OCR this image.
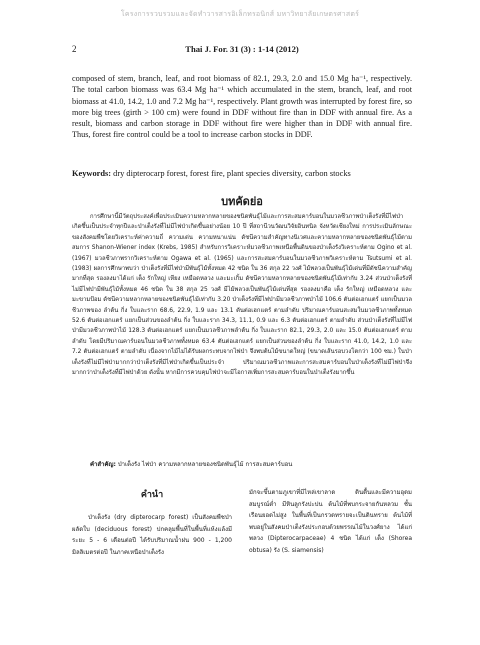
โครงการรวบรวมและจัดทำวารสารอิเล็กทรอนิกส์ มหาวิทยาลัยเกษตรศาสตร์
2	Thai J. For. 31 (3) : 1-14 (2012)

composed of stem, branch, leaf, and root biomass of 82.1, 29.3, 2.0 and 15.0 Mg ha⁻¹, respectively. The total carbon biomass was 63.4 Mg ha⁻¹ which accumulated in the stem, branch, leaf, and root biomass at 41.0, 14.2, 1.0 and 7.2 Mg ha⁻¹, respectively. Plant growth was interrupted by forest fire, so more big trees (girth > 100 cm) were found in DDF without fire than in DDF with annual fire. As a result, biomass and carbon storage in DDF without fire were higher than in DDF with annual fire. Thus, forest fire control could be a tool to increase carbon stocks in DDF.

Keywords: dry dipterocarp forest, forest fire, plant species diversity, carbon stocks

บทคัดย่อ

การศึกษานี้มีวัตถุประสงค์เพื่อประเมินความหลากหลายของชนิดพันธุ์ไม้และการสะสมคาร์บอนในมวลชีวภาพป่าเต็งรังที่มีไฟป่าเกิดขึ้นเป็นประจำทุกปีและป่าเต็งรังที่ไม่มีไฟป่าเกิดขึ้นอย่างน้อย 10 ปี ที่สถานีวนวัฒนวิจัยอินทนิล จังหวัดเชียงใหม่ การประเมินลักษณะของสังคมพืชโดยวิเคราะห์ค่าความถี่ ความเด่น ความหนาแน่น ดัชนีความสำคัญทางนิเวศและความหลากหลายของชนิดพันธุ์ไม้ตามสมการ Shanon-Wiener index (Krebs, 1985) สำหรับการวิเคราะห์มวลชีวภาพเหนือพื้นดินของป่าเต็งรังวิเคราะห์ตาม Ogino et al. (1967) มวลชีวภาพรากวิเคราะห์ตาม Ogawa et al. (1965) และการสะสมคาร์บอนในมวลชีวภาพวิเคราะห์ตาม Tsutsumi et al. (1983) ผลการศึกษาพบว่า ป่าเต็งรังที่มีไฟป่ามีพันธุ์ไม้ทั้งหมด 42 ชนิด ใน 36 สกุล 22 วงศ์ ไม้พลวงเป็นพันธุ์ไม้เด่นที่มีดัชนีความสำคัญมากที่สุด รองลงมาได้แก่ เต็ง รักใหญ่ เหียง เหมือดหลวง และมะเกิ้ม ดัชนีความหลากหลายของชนิดพันธุ์ไม้เท่ากับ 3.24 ส่วนป่าเต็งรังที่ไม่มีไฟป่ามีพันธุ์ไม้ทั้งหมด 46 ชนิด ใน 38 สกุล 25 วงศ์ มีไม้พลวงเป็นพันธุ์ไม้เด่นที่สุด รองลงมาคือ เต็ง รักใหญ่ เหมือดหลวง และมะขามป้อม ดัชนีความหลากหลายของชนิดพันธุ์ไม้เท่ากับ 3.20 ป่าเต็งรังที่มีไฟป่ามีมวลชีวภาพป่าไม้ 106.6 ตันต่อเฮกแตร์ แยกเป็นมวลชีวภาพของ ลำต้น กิ่ง ใบและราก 68.6, 22.9, 1.9 และ 13.1 ตันต่อเฮกแตร์ ตามลำดับ ปริมาณคาร์บอนสะสมในมวลชีวภาพทั้งหมด 52.6 ตันต่อเฮกแตร์ แยกเป็นส่วนของลำต้น กิ่ง ใบและราก 34.3, 11.1, 0.9 และ 6.3 ตันต่อเฮกแตร์ ตามลำดับ ส่วนป่าเต็งรังที่ไม่มีไฟป่ามีมวลชีวภาพป่าไม้ 128.3 ตันต่อเฮกแตร์ แยกเป็นมวลชีวภาพลำต้น กิ่ง ใบและราก 82.1, 29.3, 2.0 และ 15.0 ตันต่อเฮกแตร์ ตามลำดับ โดยมีปริมาณคาร์บอนในมวลชีวภาพทั้งหมด 63.4 ตันต่อเฮกแตร์ แยกเป็นส่วนของลำต้น กิ่ง ใบและราก 41.0, 14.2, 1.0 และ 7.2 ตันต่อเฮกแตร์ ตามลำดับ เนื่องจากไม้ไม่ได้รับผลกระทบจากไฟป่า จึงพบต้นไม้ขนาดใหญ่ (ขนาดเส้นรอบวงโตกว่า 100 ซม.) ในป่าเต็งรังที่ไม่มีไฟป่ามากกว่าป่าเต็งรังที่มีไฟป่าเกิดขึ้นเป็นประจำ ปริมาณมวลชีวภาพและการสะสมคาร์บอนในป่าเต็งรังที่ไม่มีไฟป่าจึงมากกว่าป่าเต็งรังที่มีไฟป่าด้วย ดังนั้น หากมีการควบคุมไฟป่าจะมีโอกาสเพิ่มการสะสมคาร์บอนในป่าเต็งรังมากขึ้น

คำสำคัญ: ป่าเต็งรัง ไฟป่า ความหลากหลายของชนิดพันธุ์ไม้ การสะสมคาร์บอน

คำนำ

ป่าเต็งรัง (dry dipterocarp forest) เป็นสังคมพืชป่าผลัดใบ (deciduous forest) ปกคลุมพื้นที่ในพื้นที่แห้งแล้งมีระยะ 5 - 6 เดือนต่อปี ได้รับปริมาณน้ำฝน 900 - 1,200 มิลลิเมตรต่อปี ในภาคเหนือป่าเต็งรัง

มักจะขึ้นตามภูเขาที่มีไหล่เขาลาด ดินตื้นและมีความอุดมสมบูรณ์ต่ำ มีหินลูกรังปะปน ต้นไม้ที่พบกระจายกันหลวม ชั้นเรือนยอดไม่สูง ในพื้นที่เป็นกรวดทรายจะเป็นดินทราย ต้นไม้ที่พบอยู่ในสังคมป่าเต็งรังประกอบด้วยพรรณไม้ในวงศ์ยาง ได้แก่ พลวง (Dipterocarpaceae) 4 ชนิด ได้แก่ เต็ง (Shorea obtusa) รัง (S. siamensis)
